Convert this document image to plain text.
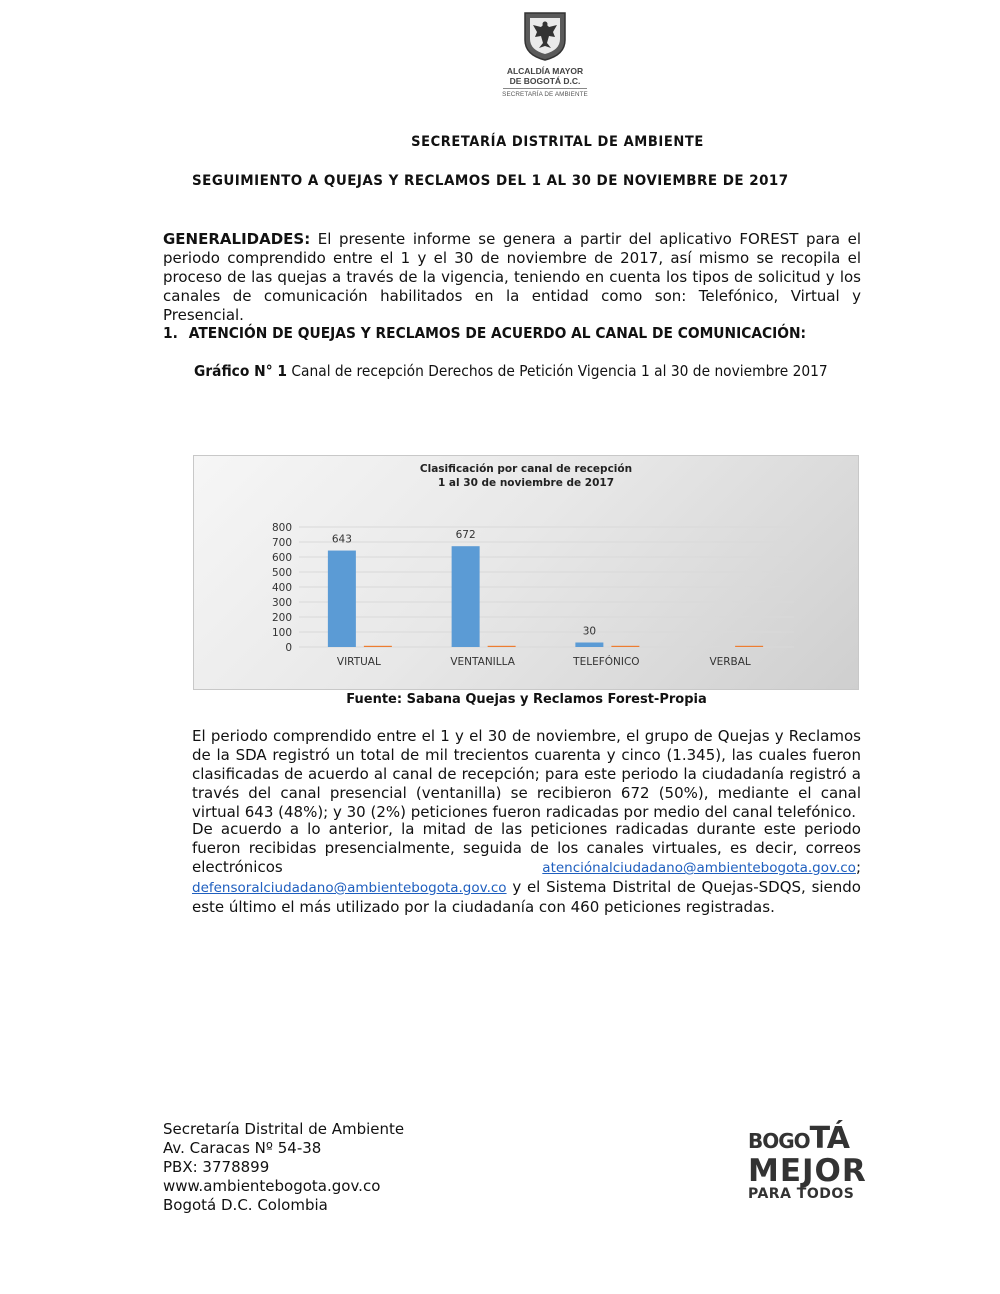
ALCALDÍA MAYOR
DE BOGOTÁ D.C.
SECRETARÍA DE AMBIENTE
SECRETARÍA DISTRITAL DE AMBIENTE
SEGUIMIENTO A QUEJAS Y RECLAMOS DEL 1 AL 30 DE NOVIEMBRE DE 2017
GENERALIDADES: El presente informe se genera a partir del aplicativo FOREST para el periodo comprendido entre el 1 y el 30 de noviembre de 2017, así mismo se recopila el proceso de las quejas a través de la vigencia, teniendo en cuenta los tipos de solicitud y los canales de comunicación habilitados en la entidad como son: Telefónico, Virtual y Presencial.
1. ATENCIÓN DE QUEJAS Y RECLAMOS DE ACUERDO AL CANAL DE COMUNICACIÓN:
Gráfico N° 1 Canal de recepción Derechos de Petición Vigencia 1 al 30 de noviembre 2017
Clasificación por canal de recepción
1 al 30 de noviembre de 2017
0
100
200
300
400
500
600
700
800
643	672
30
VIRTUAL	VENTANILLA	TELEFÓNICO	VERBAL
Fuente: Sabana Quejas y Reclamos Forest-Propia
El periodo comprendido entre el 1 y el 30 de noviembre, el grupo de Quejas y Reclamos de la SDA registró un total de mil trecientos cuarenta y cinco (1.345), las cuales fueron clasificadas de acuerdo al canal de recepción; para este periodo la ciudadanía registró a través del canal presencial (ventanilla) se recibieron 672 (50%), mediante el canal virtual 643 (48%); y 30 (2%) peticiones fueron radicadas por medio del canal telefónico.
De acuerdo a lo anterior, la mitad de las peticiones radicadas durante este periodo fueron recibidas presencialmente, seguida de los canales virtuales, es decir, correos electrónicos	atenciónalciudadano@ambientebogota.gov.co; defensoralciudadano@ambientebogota.gov.co y el Sistema Distrital de Quejas-SDQS, siendo este último el más utilizado por la ciudadanía con 460 peticiones registradas.
Secretaría Distrital de Ambiente
Av. Caracas Nº 54-38
PBX: 3778899
www.ambientebogota.gov.co
Bogotá D.C. Colombia
BOGOTÁ
MEJOR
PARA TODOS
